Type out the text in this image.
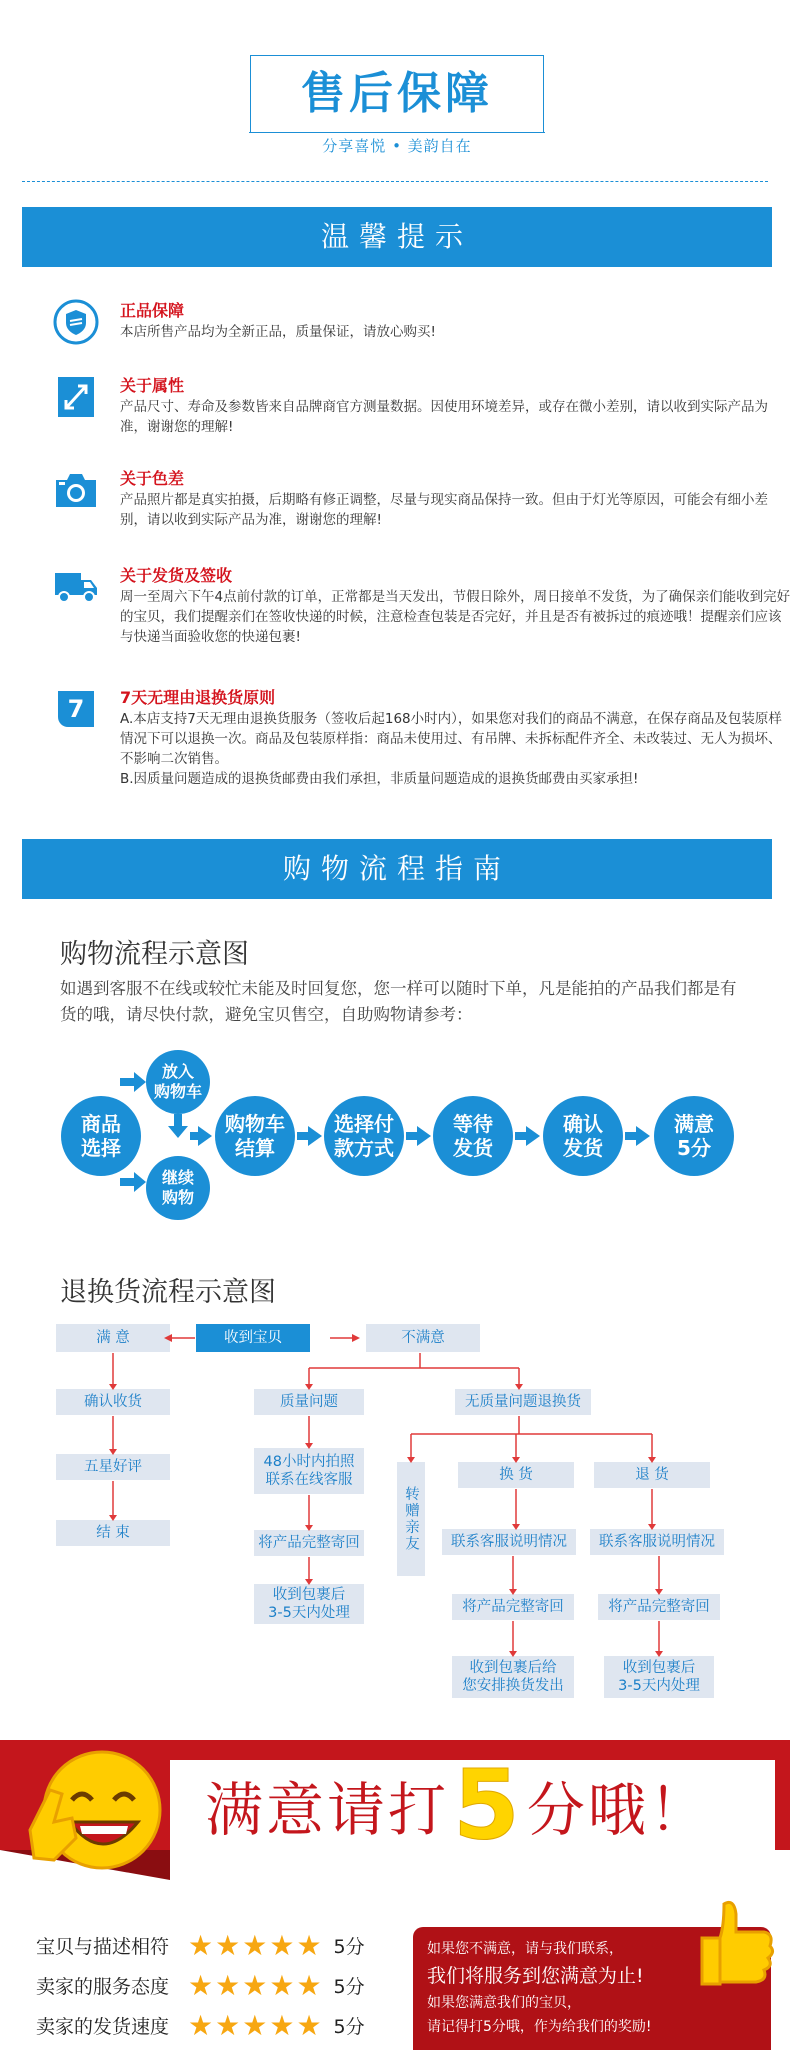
售后保障
分享喜悦 • 美韵自在
温馨提示
正品保障
本店所售产品均为全新正品，质量保证，请放心购买!
关于属性
产品尺寸、寿命及参数皆来自品牌商官方测量数据。因使用环境差异，或存在微小差别，请以收到实际产品为准，谢谢您的理解!
关于色差
产品照片都是真实拍摄，后期略有修正调整，尽量与现实商品保持一致。但由于灯光等原因，可能会有细小差别，请以收到实际产品为准，谢谢您的理解!
关于发货及签收
周一至周六下午4点前付款的订单，正常都是当天发出，节假日除外，周日接单不发货，为了确保亲们能收到完好的宝贝，我们提醒亲们在签收快递的时候，注意检查包装是否完好，并且是否有被拆过的痕迹哦！提醒亲们应该与快递当面验收您的快递包裹!
7	7天无理由退换货原则
A.本店支持7天无理由退换货服务（签收后起168小时内），如果您对我们的商品不满意，在保存商品及包装原样情况下可以退换一次。商品及包装原样指：商品未使用过、有吊牌、未拆标配件齐全、未改装过、无人为损坏、不影响二次销售。
B.因质量问题造成的退换货邮费由我们承担，非质量问题造成的退换货邮费由买家承担!
购物流程指南
购物流程示意图
如遇到客服不在线或较忙未能及时回复您，您一样可以随时下单，凡是能拍的产品我们都是有货的哦，请尽快付款，避免宝贝售空，自助购物请参考：
商品
选择
放入
购物车
继续
购物
购物车
结算
选择付
款方式
等待
发货
确认
发货
满意
5分
退换货流程示意图
满 意	收到宝贝	不满意
确认收货
五星好评
结 束
质量问题	无质量问题退换货
48小时内拍照
联系在线客服
将产品完整寄回
收到包裹后
3-5天内处理
转赠亲友
换 货	退 货
联系客服说明情况	联系客服说明情况
将产品完整寄回	将产品完整寄回
收到包裹后给
您安排换货发出
收到包裹后
3-5天内处理
满意请打 5 分哦！
宝贝与描述相符 ★ ★ ★ ★ ★ 5分
卖家的服务态度 ★ ★ ★ ★ ★ 5分
卖家的发货速度 ★ ★ ★ ★ ★ 5分
如果您不满意，请与我们联系，
我们将服务到您满意为止!
如果您满意我们的宝贝，
请记得打5分哦，作为给我们的奖励!
